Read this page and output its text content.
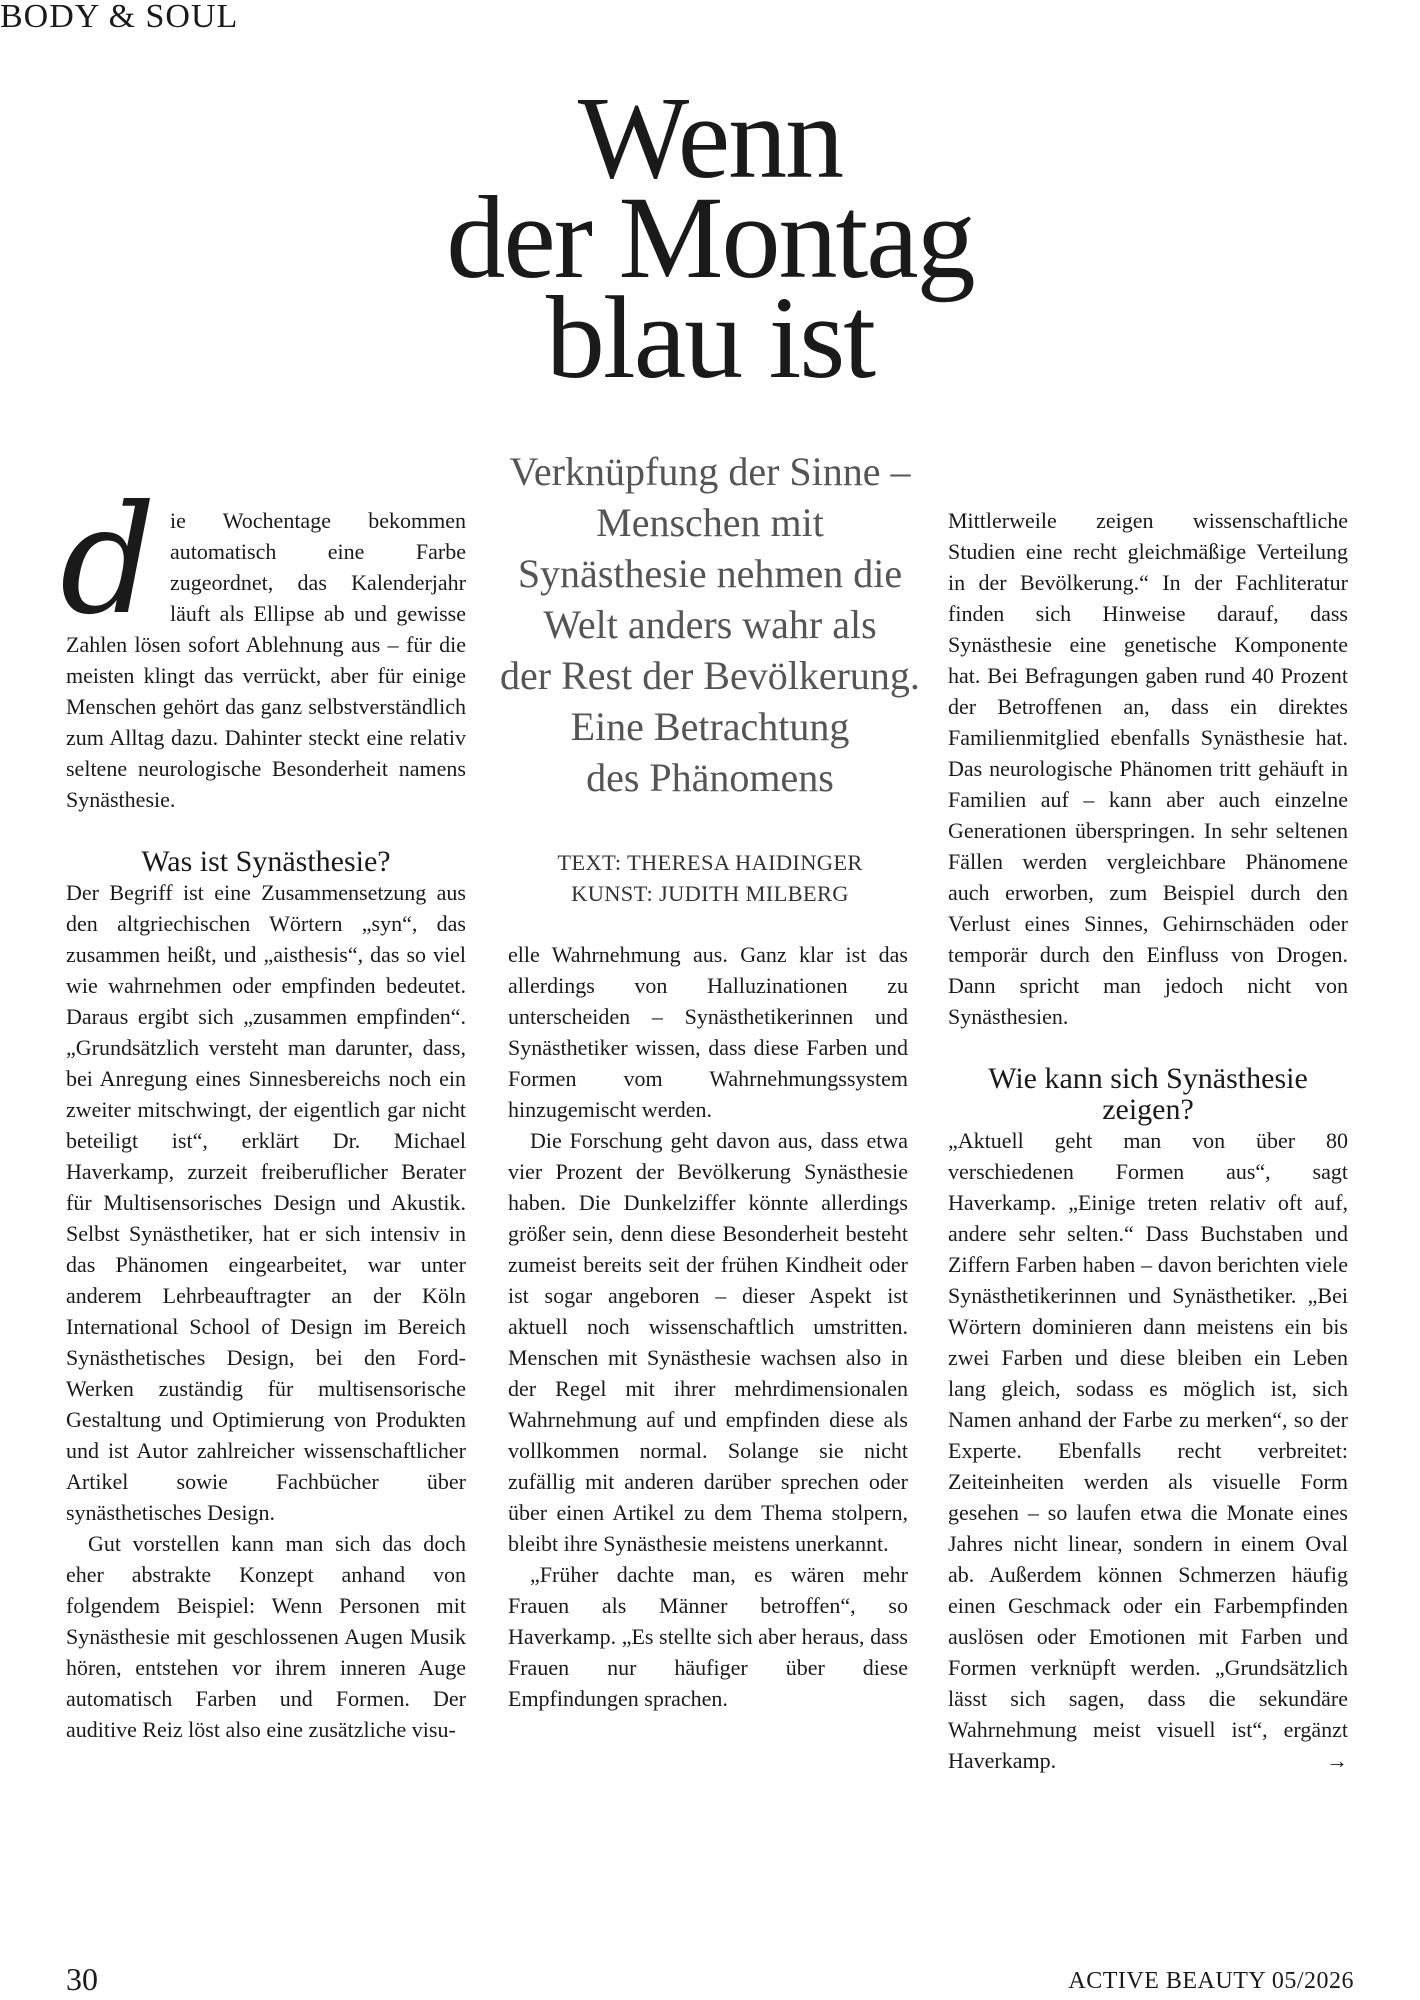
BODY & SOUL
Wenn
der Montag
blau ist
Verknüpfung der Sinne –
Menschen mit
Synästhesie nehmen die
Welt anders wahr als
der Rest der Bevölkerung.
Eine Betrachtung
des Phänomens
TEXT: THERESA HAIDINGER
KUNST: JUDITH MILBERG
d ie Wochentage bekommen automatisch eine Farbe zugeordnet, das Kalenderjahr läuft als Ellipse ab und gewisse Zahlen lösen sofort Ablehnung aus – für die meisten klingt das verrückt, aber für einige Menschen gehört das ganz selbstverständlich zum Alltag dazu. Dahinter steckt eine relativ seltene neurologische Besonderheit namens Synästhesie.

Was ist Synästhesie?

Der Begriff ist eine Zusammensetzung aus den altgriechischen Wörtern „syn“, das zusammen heißt, und „aisthesis“, das so viel wie wahrnehmen oder empfinden bedeutet. Daraus ergibt sich „zusammen empfinden“. „Grundsätzlich versteht man darunter, dass, bei Anregung eines Sinnesbereichs noch ein zweiter mitschwingt, der eigentlich gar nicht beteiligt ist“, erklärt Dr. Michael Haverkamp, zurzeit freiberuflicher Berater für Multisensorisches Design und Akustik. Selbst Synästhetiker, hat er sich intensiv in das Phänomen eingearbeitet, war unter anderem Lehrbeauftragter an der Köln International School of Design im Bereich Synästhetisches Design, bei den Ford-Werken zuständig für multisensorische Gestaltung und Optimierung von Produkten und ist Autor zahlreicher wissenschaftlicher Artikel sowie Fachbücher über synästhetisches Design.

Gut vorstellen kann man sich das doch eher abstrakte Konzept anhand von folgendem Beispiel: Wenn Personen mit Synästhesie mit geschlossenen Augen Musik hören, entstehen vor ihrem inneren Auge automatisch Farben und Formen. Der auditive Reiz löst also eine zusätzliche visu-

elle Wahrnehmung aus. Ganz klar ist das allerdings von Halluzinationen zu unterscheiden – Synästhetikerinnen und Synästhetiker wissen, dass diese Farben und Formen vom Wahrnehmungssystem hinzugemischt werden.

Die Forschung geht davon aus, dass etwa vier Prozent der Bevölkerung Synästhesie haben. Die Dunkelziffer könnte allerdings größer sein, denn diese Besonderheit besteht zumeist bereits seit der frühen Kindheit oder ist sogar angeboren – dieser Aspekt ist aktuell noch wissenschaftlich umstritten. Menschen mit Synästhesie wachsen also in der Regel mit ihrer mehrdimensionalen Wahrnehmung auf und empfinden diese als vollkommen normal. Solange sie nicht zufällig mit anderen darüber sprechen oder über einen Artikel zu dem Thema stolpern, bleibt ihre Synästhesie meistens unerkannt.

„Früher dachte man, es wären mehr Frauen als Männer betroffen“, so Haverkamp. „Es stellte sich aber heraus, dass Frauen nur häufiger über diese Empfindungen sprachen.

Mittlerweile zeigen wissenschaftliche Studien eine recht gleichmäßige Verteilung in der Bevölkerung.“ In der Fachliteratur finden sich Hinweise darauf, dass Synästhesie eine genetische Komponente hat. Bei Befragungen gaben rund 40 Prozent der Betroffenen an, dass ein direktes Familienmitglied ebenfalls Synästhesie hat. Das neurologische Phänomen tritt gehäuft in Familien auf – kann aber auch einzelne Generationen überspringen. In sehr seltenen Fällen werden vergleichbare Phänomene auch erworben, zum Beispiel durch den Verlust eines Sinnes, Gehirnschäden oder temporär durch den Einfluss von Drogen. Dann spricht man jedoch nicht von Synästhesien.

Wie kann sich Synästhesie zeigen?

„Aktuell geht man von über 80 verschiedenen Formen aus“, sagt Haverkamp. „Einige treten relativ oft auf, andere sehr selten.“ Dass Buchstaben und Ziffern Farben haben – davon berichten viele Synästhetikerinnen und Synästhetiker. „Bei Wörtern dominieren dann meistens ein bis zwei Farben und diese bleiben ein Leben lang gleich, sodass es möglich ist, sich Namen anhand der Farbe zu merken“, so der Experte. Ebenfalls recht verbreitet: Zeiteinheiten werden als visuelle Form gesehen – so laufen etwa die Monate eines Jahres nicht linear, sondern in einem Oval ab. Außerdem können Schmerzen häufig einen Geschmack oder ein Farbempfinden auslösen oder Emotionen mit Farben und Formen verknüpft werden. „Grundsätzlich lässt sich sagen, dass die sekundäre Wahrnehmung meist visuell ist“, ergänzt Haverkamp.	→

30	ACTIVE BEAUTY 05/2026
